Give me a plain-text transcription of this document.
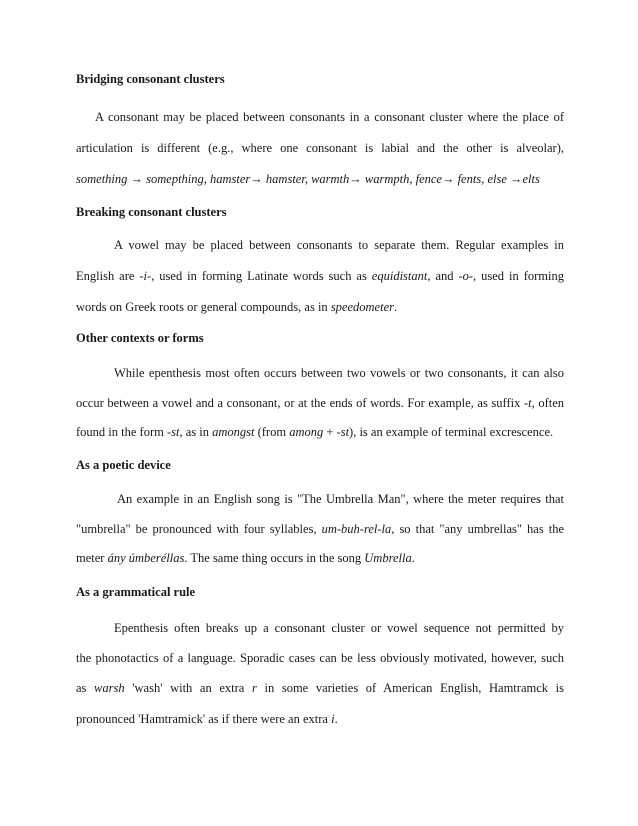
Bridging consonant clusters
A consonant may be placed between consonants in a consonant cluster where the place of
articulation is different (e.g., where one consonant is labial and the other is alveolar),
something → somepthing, hamster→ hamster, warmth→ warmpth, fence→ fents, else →elts
Breaking consonant clusters
A vowel may be placed between consonants to separate them. Regular examples in
English are -i-, used in forming Latinate words such as equidistant, and -o-, used in forming
words on Greek roots or general compounds, as in speedometer.
Other contexts or forms
While epenthesis most often occurs between two vowels or two consonants, it can also
occur between a vowel and a consonant, or at the ends of words. For example, as suffix -t, often
found in the form -st, as in amongst (from among + -st), is an example of terminal excrescence.
As a poetic device
An example in an English song is "The Umbrella Man", where the meter requires that
"umbrella" be pronounced with four syllables, um-buh-rel-la, so that "any umbrellas" has the
meter ány úmberéllas. The same thing occurs in the song Umbrella.
As a grammatical rule
Epenthesis often breaks up a consonant cluster or vowel sequence not permitted by
the phonotactics of a language. Sporadic cases can be less obviously motivated, however, such
as warsh 'wash' with an extra r in some varieties of American English, Hamtramck is
pronounced 'Hamtramick' as if there were an extra i.
